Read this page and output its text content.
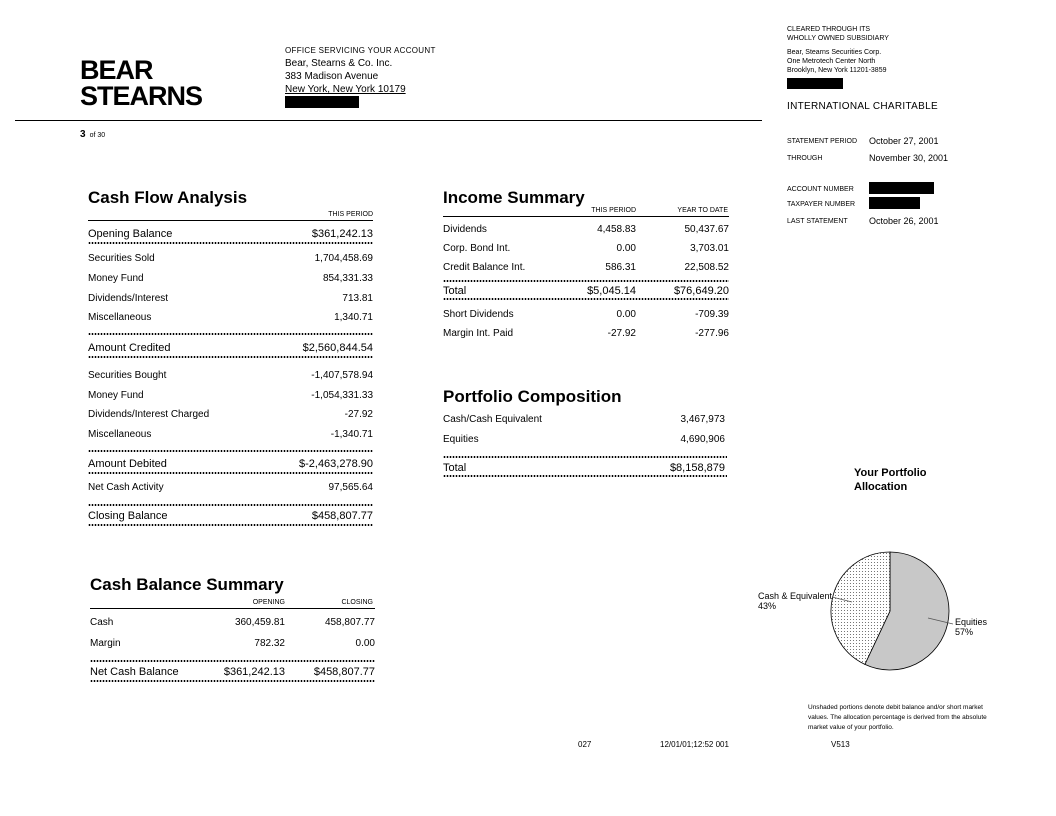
BEAR
STEARNS
OFFICE SERVICING YOUR ACCOUNT
Bear, Stearns & Co. Inc.
383 Madison Avenue
New York, New York 10179
3 of 30
CLEARED THROUGH ITS
WHOLLY OWNED SUBSIDIARY
Bear, Stearns Securities Corp.
One Metrotech Center North
Brooklyn, New York 11201-3859
INTERNATIONAL CHARITABLE
STATEMENT PERIOD October 27, 2001
THROUGH	November 30, 2001
ACCOUNT NUMBER
TAXPAYER NUMBER
LAST STATEMENT October 26, 2001
Cash Flow Analysis
THIS PERIOD
Opening Balance	$361,242.13
Securities Sold	1,704,458.69
Money Fund	854,331.33
Dividends/Interest	713.81
Miscellaneous	1,340.71
Amount Credited	$2,560,844.54
Securities Bought	-1,407,578.94
Money Fund	-1,054,331.33
Dividends/Interest Charged	-27.92
Miscellaneous	-1,340.71
Amount Debited	$-2,463,278.90
Net Cash Activity	97,565.64
Closing Balance	$458,807.77
Income Summary
THIS PERIOD	YEAR TO DATE
Dividends	4,458.83	50,437.67
Corp. Bond Int.	0.00	3,703.01
Credit Balance Int.	586.31	22,508.52
Total	$5,045.14	$76,649.20
Short Dividends	0.00	-709.39
Margin Int. Paid	-27.92	-277.96
Portfolio Composition
Cash/Cash Equivalent	3,467,973
Equities	4,690,906
Total	$8,158,879
Cash Balance Summary
OPENING	CLOSING
Cash	360,459.81	458,807.77
Margin	782.32	0.00
Net Cash Balance	$361,242.13	$458,807.77
Your Portfolio
Allocation
Cash & Equivalent
43%
Equities
57%
Unshaded portions denote debit balance and/or short market values. The allocation percentage is derived from the absolute market value of your portfolio.
027	12/01/01;12:52 001	V513
